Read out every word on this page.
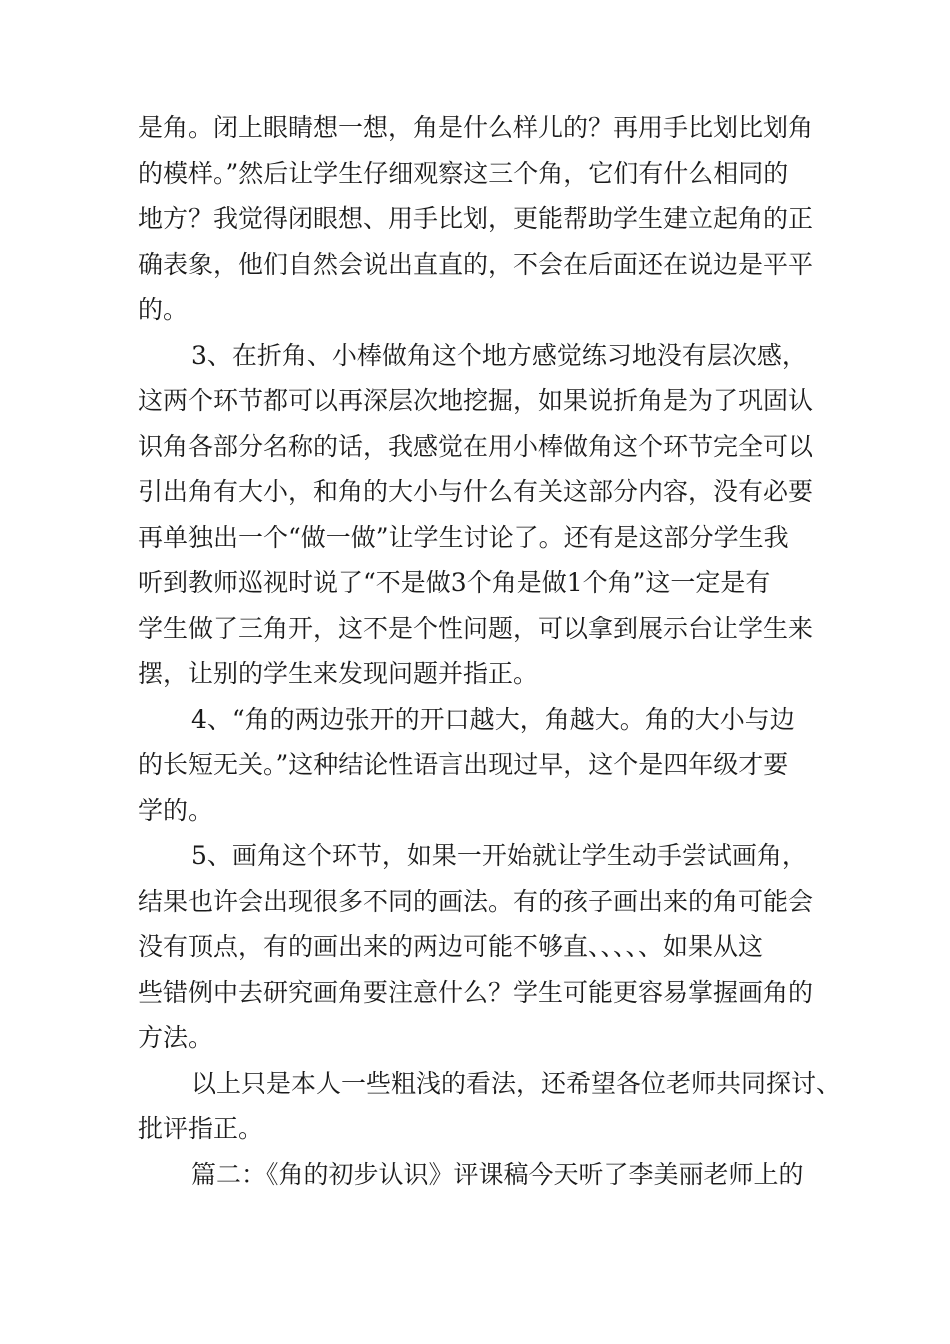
是角。闭上眼睛想一想，角是什么样儿的？再用手比划比划角
的模样。”然后让学生仔细观察这三个角，它们有什么相同的
地方？我觉得闭眼想、用手比划，更能帮助学生建立起角的正
确表象，他们自然会说出直直的，不会在后面还在说边是平平
的。
3、在折角、小棒做角这个地方感觉练习地没有层次感，
这两个环节都可以再深层次地挖掘，如果说折角是为了巩固认
识角各部分名称的话，我感觉在用小棒做角这个环节完全可以
引出角有大小，和角的大小与什么有关这部分内容，没有必要
再单独出一个“做一做”让学生讨论了。还有是这部分学生我
听到教师巡视时说了“不是做3个角是做1个角”这一定是有
学生做了三角开，这不是个性问题，可以拿到展示台让学生来
摆，让别的学生来发现问题并指正。
4、“角的两边张开的开口越大，角越大。角的大小与边
的长短无关。”这种结论性语言出现过早，这个是四年级才要
学的。
5、画角这个环节，如果一开始就让学生动手尝试画角，
结果也许会出现很多不同的画法。有的孩子画出来的角可能会
没有顶点，有的画出来的两边可能不够直、、、、、如果从这
些错例中去研究画角要注意什么？学生可能更容易掌握画角的
方法。
以上只是本人一些粗浅的看法，还希望各位老师共同探讨、
批评指正。
篇二：《角的初步认识》评课稿今天听了李美丽老师上的
